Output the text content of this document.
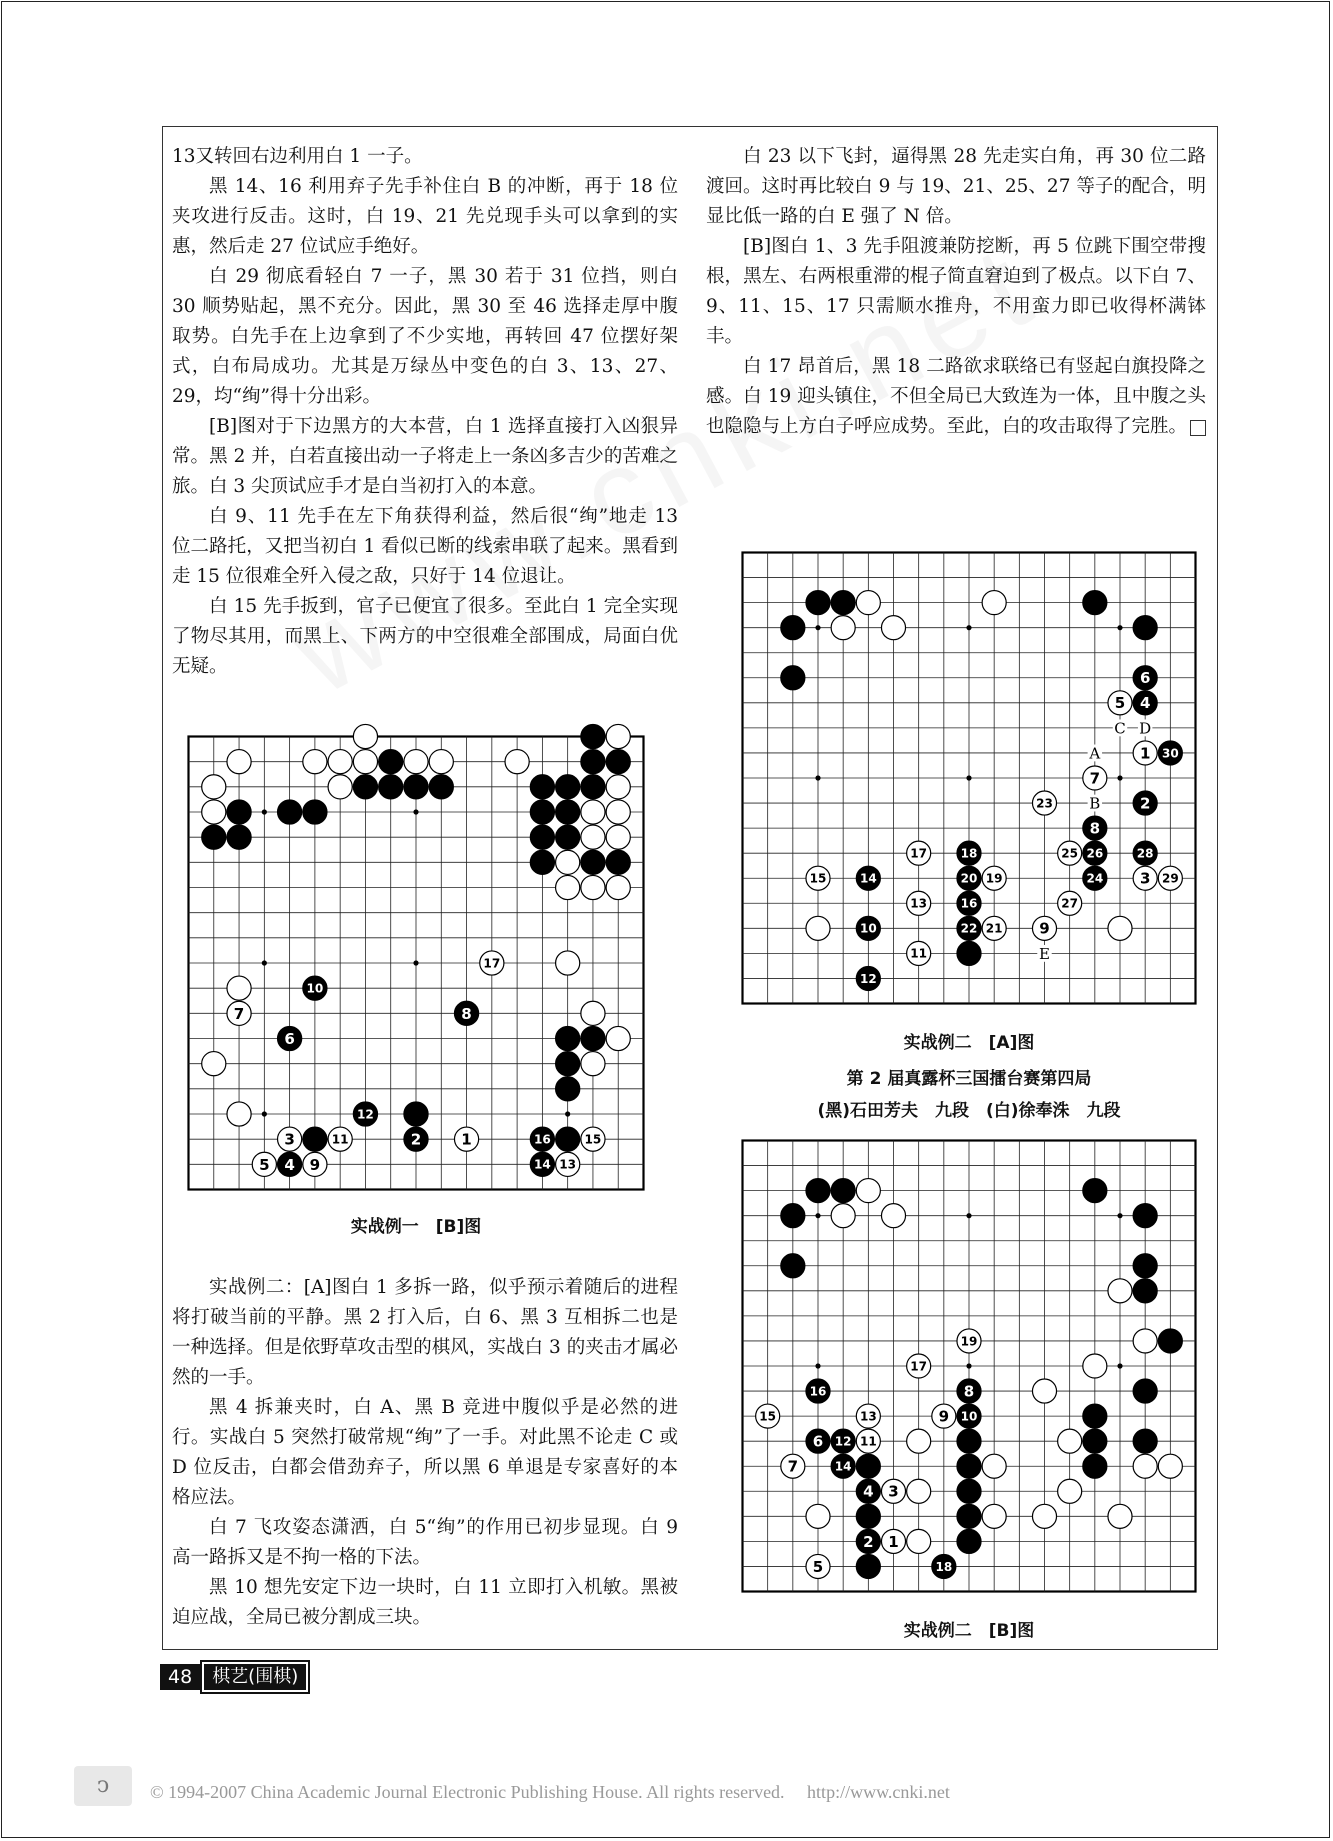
13又转回右边利用白 1 一子。

黑 14、16 利用弃子先手补住白 B 的冲断，再于 18 位夹攻进行反击。这时，白 19、21 先兑现手头可以拿到的实惠，然后走 27 位试应手绝好。

白 29 彻底看轻白 7 一子，黑 30 若于 31 位挡，则白 30 顺势贴起，黑不充分。因此，黑 30 至 46 选择走厚中腹取势。白先手在上边拿到了不少实地，再转回 47 位摆好架式，白布局成功。尤其是万绿丛中变色的白 3、13、27、29，均“绚”得十分出彩。

[B]图对于下边黑方的大本营，白 1 选择直接打入凶狠异常。黑 2 并，白若直接出动一子将走上一条凶多吉少的苦难之旅。白 3 尖顶试应手才是白当初打入的本意。

白 9、11 先手在左下角获得利益，然后很“绚”地走 13 位二路托，又把当初白 1 看似已断的线索串联了起来。黑看到走 15 位很难全歼入侵之敌，只好于 14 位退让。

白 15 先手扳到，官子已便宜了很多。至此白 1 完全实现了物尽其用，而黑上、下两方的中空很难全部围成，局面白优无疑。

17
10
7	8
6
12
3	11	2	1	16	15
5 4 9	14 13
实战例一　[B]图

实战例二：[A]图白 1 多拆一路，似乎预示着随后的进程将打破当前的平静。黑 2 打入后，白 6、黑 3 互相拆二也是一种选择。但是依野草攻击型的棋风，实战白 3 的夹击才属必然的一手。

黑 4 拆兼夹时，白 A、黑 B 竞进中腹似乎是必然的进行。实战白 5 突然打破常规“绚”了一手。对此黑不论走 C 或 D 位反击，白都会借劲弃子，所以黑 6 单退是专家喜好的本格应法。

白 7 飞攻姿态潇洒，白 5“绚”的作用已初步显现。白 9 高一路拆又是不拘一格的下法。

黑 10 想先安定下边一块时，白 11 立即打入机敏。黑被迫应战，全局已被分割成三块。

白 23 以下飞封，逼得黑 28 先走实白角，再 30 位二路渡回。这时再比较白 9 与 19、21、25、27 等子的配合，明显比低一路的白 E 强了 N 倍。

[B]图白 1、3 先手阻渡兼防挖断，再 5 位跳下围空带搜根，黑左、右两根重滞的棍子简直窘迫到了极点。以下白 7、9、11、15、17 只需顺水推舟，不用蛮力即已收得杯满钵丰。

白 17 昂首后，黑 18 二路欲求联络已有竖起白旗投降之感。白 19 迎头镇住，不但全局已大致连为一体，且中腹之头也隐隐与上方白子呼应成势。至此，白的攻击取得了完胜。

6
5 4
1 30
7
23	2
8
17	18	25 26	28
15	14	20 19	24 3 29
13	16	27
10	22 21 9
11
12
C D
A
B
E
实战例二　[A]图
第 2 届真露杯三国擂台赛第四局
(黑)石田芳夫　九段　(白)徐奉洙　九段
19
17
16	8
15	13	9 10
6 12 11
7	14
4 3
2 1
5	18
实战例二　[B]图
48	棋艺(围棋)
ↄ	© 1994-2007 China Academic Journal Electronic Publishing House. All rights reserved.　 http://www.cnki.net
